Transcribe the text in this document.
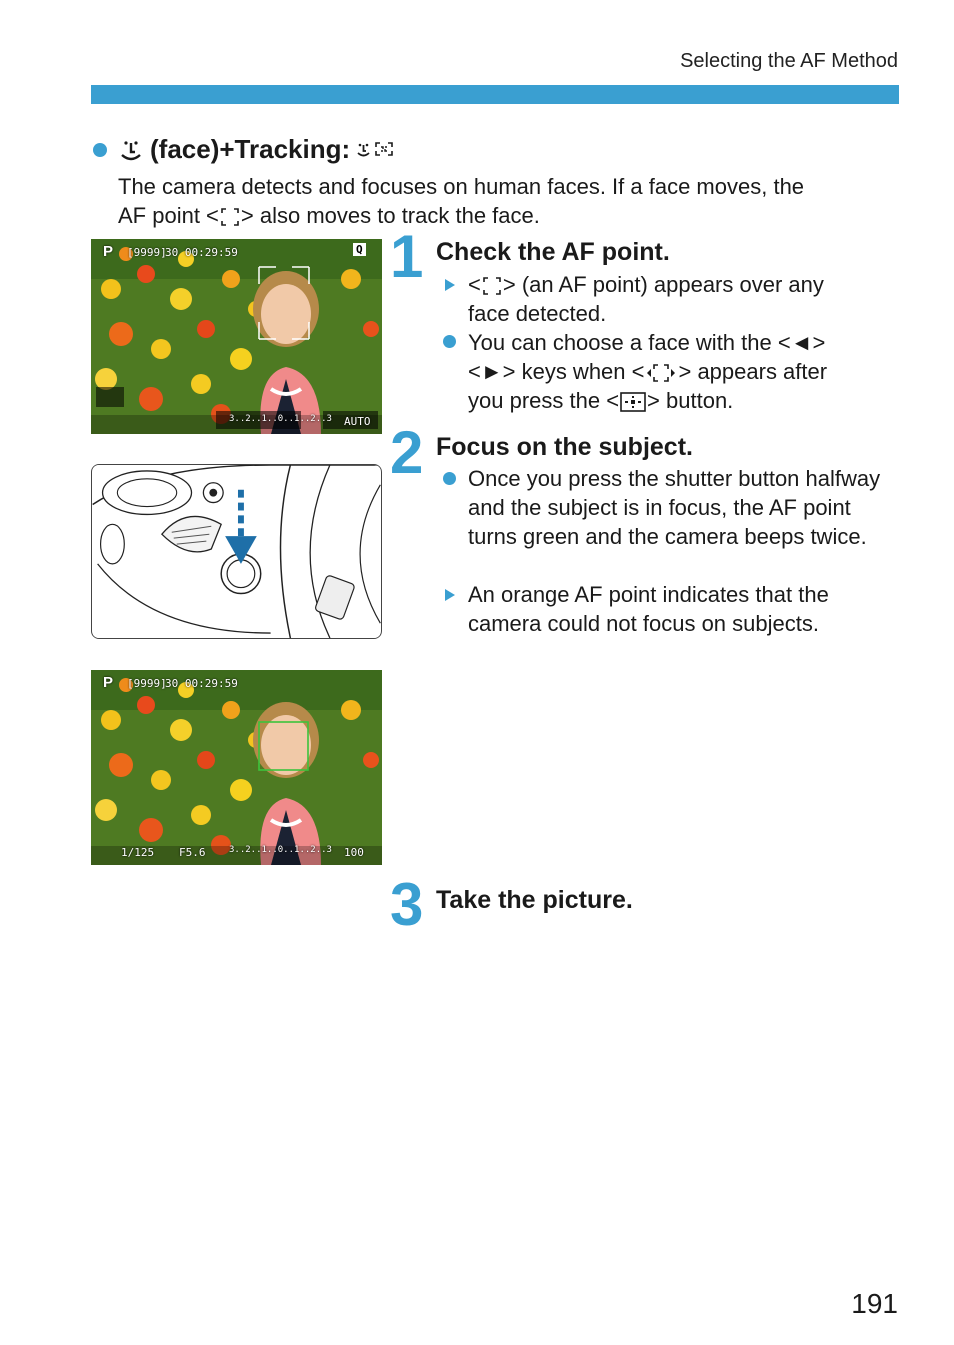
Selecting the AF Method
(face)+Tracking:
The camera detects and focuses on human faces. If a face moves, the
AF point < > also moves to track the face.
P [9999]
30 00:29:59	Q
3..2..1..0..1..2..3 AUTO
P [9999]
30 00:29:59
1/125 F5.6	3..2..1..0..1..2..3 100
1 Check the AF point.
< > (an AF point) appears over any
face detected.
You can choose a face with the <◄>
<►> keys when < > appears after
you press the < > button.
2 Focus on the subject.
Once you press the shutter button halfway and the subject is in focus, the AF point turns green and the camera beeps twice.
An orange AF point indicates that the camera could not focus on subjects.
3 Take the picture.
191
